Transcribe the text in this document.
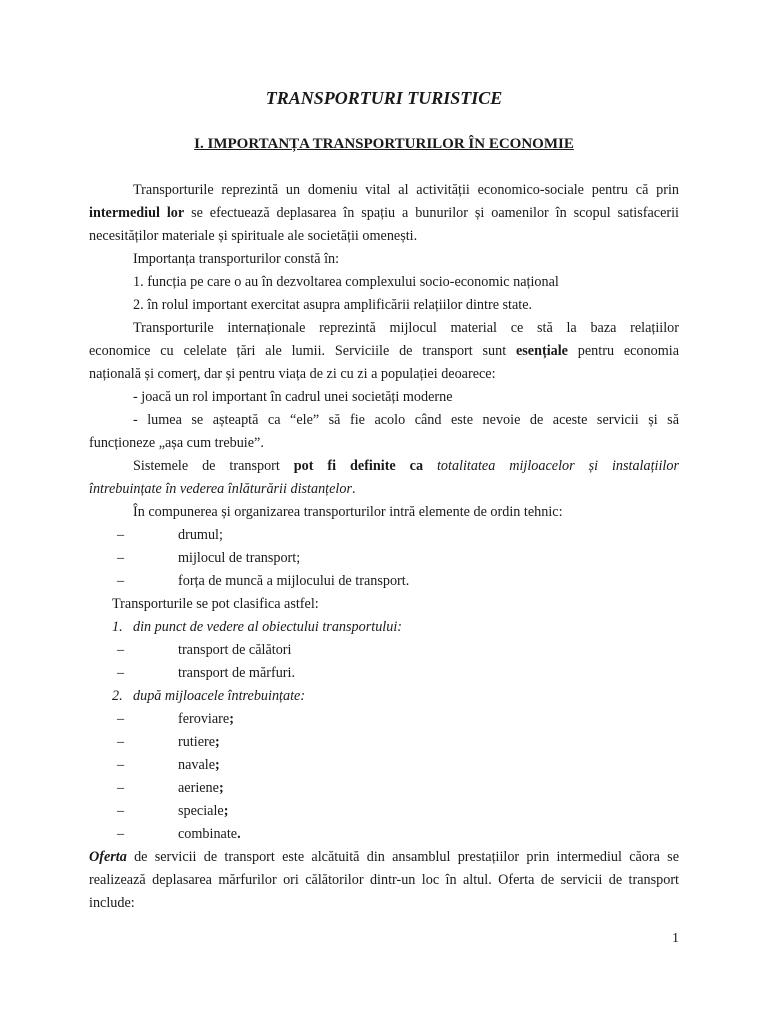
TRANSPORTURI TURISTICE
I. IMPORTANȚA TRANSPORTURILOR ÎN ECONOMIE
Transporturile reprezintă un domeniu vital al activității economico-sociale pentru că prin
intermediul lor se efectuează deplasarea în spațiu a bunurilor și oamenilor în scopul satisfacerii
necesităților materiale și spirituale ale societății omenești.
Importanța transporturilor constă în:
1. funcția pe care o au în dezvoltarea complexului socio-economic național
2. în rolul important exercitat asupra amplificării relațiilor dintre state.
Transporturile internaționale reprezintă mijlocul material ce stă la baza relațiilor
economice cu celelate țări ale lumii. Serviciile de transport sunt esențiale pentru economia
națională și comerț, dar și pentru viața de zi cu zi a populației deoarece:
- joacă un rol important în cadrul unei societăți moderne
- lumea se așteaptă ca “ele” să fie acolo când este nevoie de aceste servicii și să
funcționeze „așa cum trebuie”.
Sistemele de transport pot fi definite ca totalitatea mijloacelor și instalațiilor
întrebuințate în vederea înlăturării distanțelor.
În compunerea și organizarea transporturilor intră elemente de ordin tehnic:
–	drumul;
–	mijlocul de transport;
–	forța de muncă a mijlocului de transport.
Transporturile se pot clasifica astfel:
1. din punct de vedere al obiectului transportului:
–	transport de călători
–	transport de mărfuri.
2. după mijloacele întrebuințate:
–	feroviare;
–	rutiere;
–	navale;
–	aeriene;
–	speciale;
–	combinate.
Oferta de servicii de transport este alcătuită din ansamblul prestațiilor prin intermediul căora se
realizează deplasarea mărfurilor ori călătorilor dintr-un loc în altul. Oferta de servicii de transport
include:
1
